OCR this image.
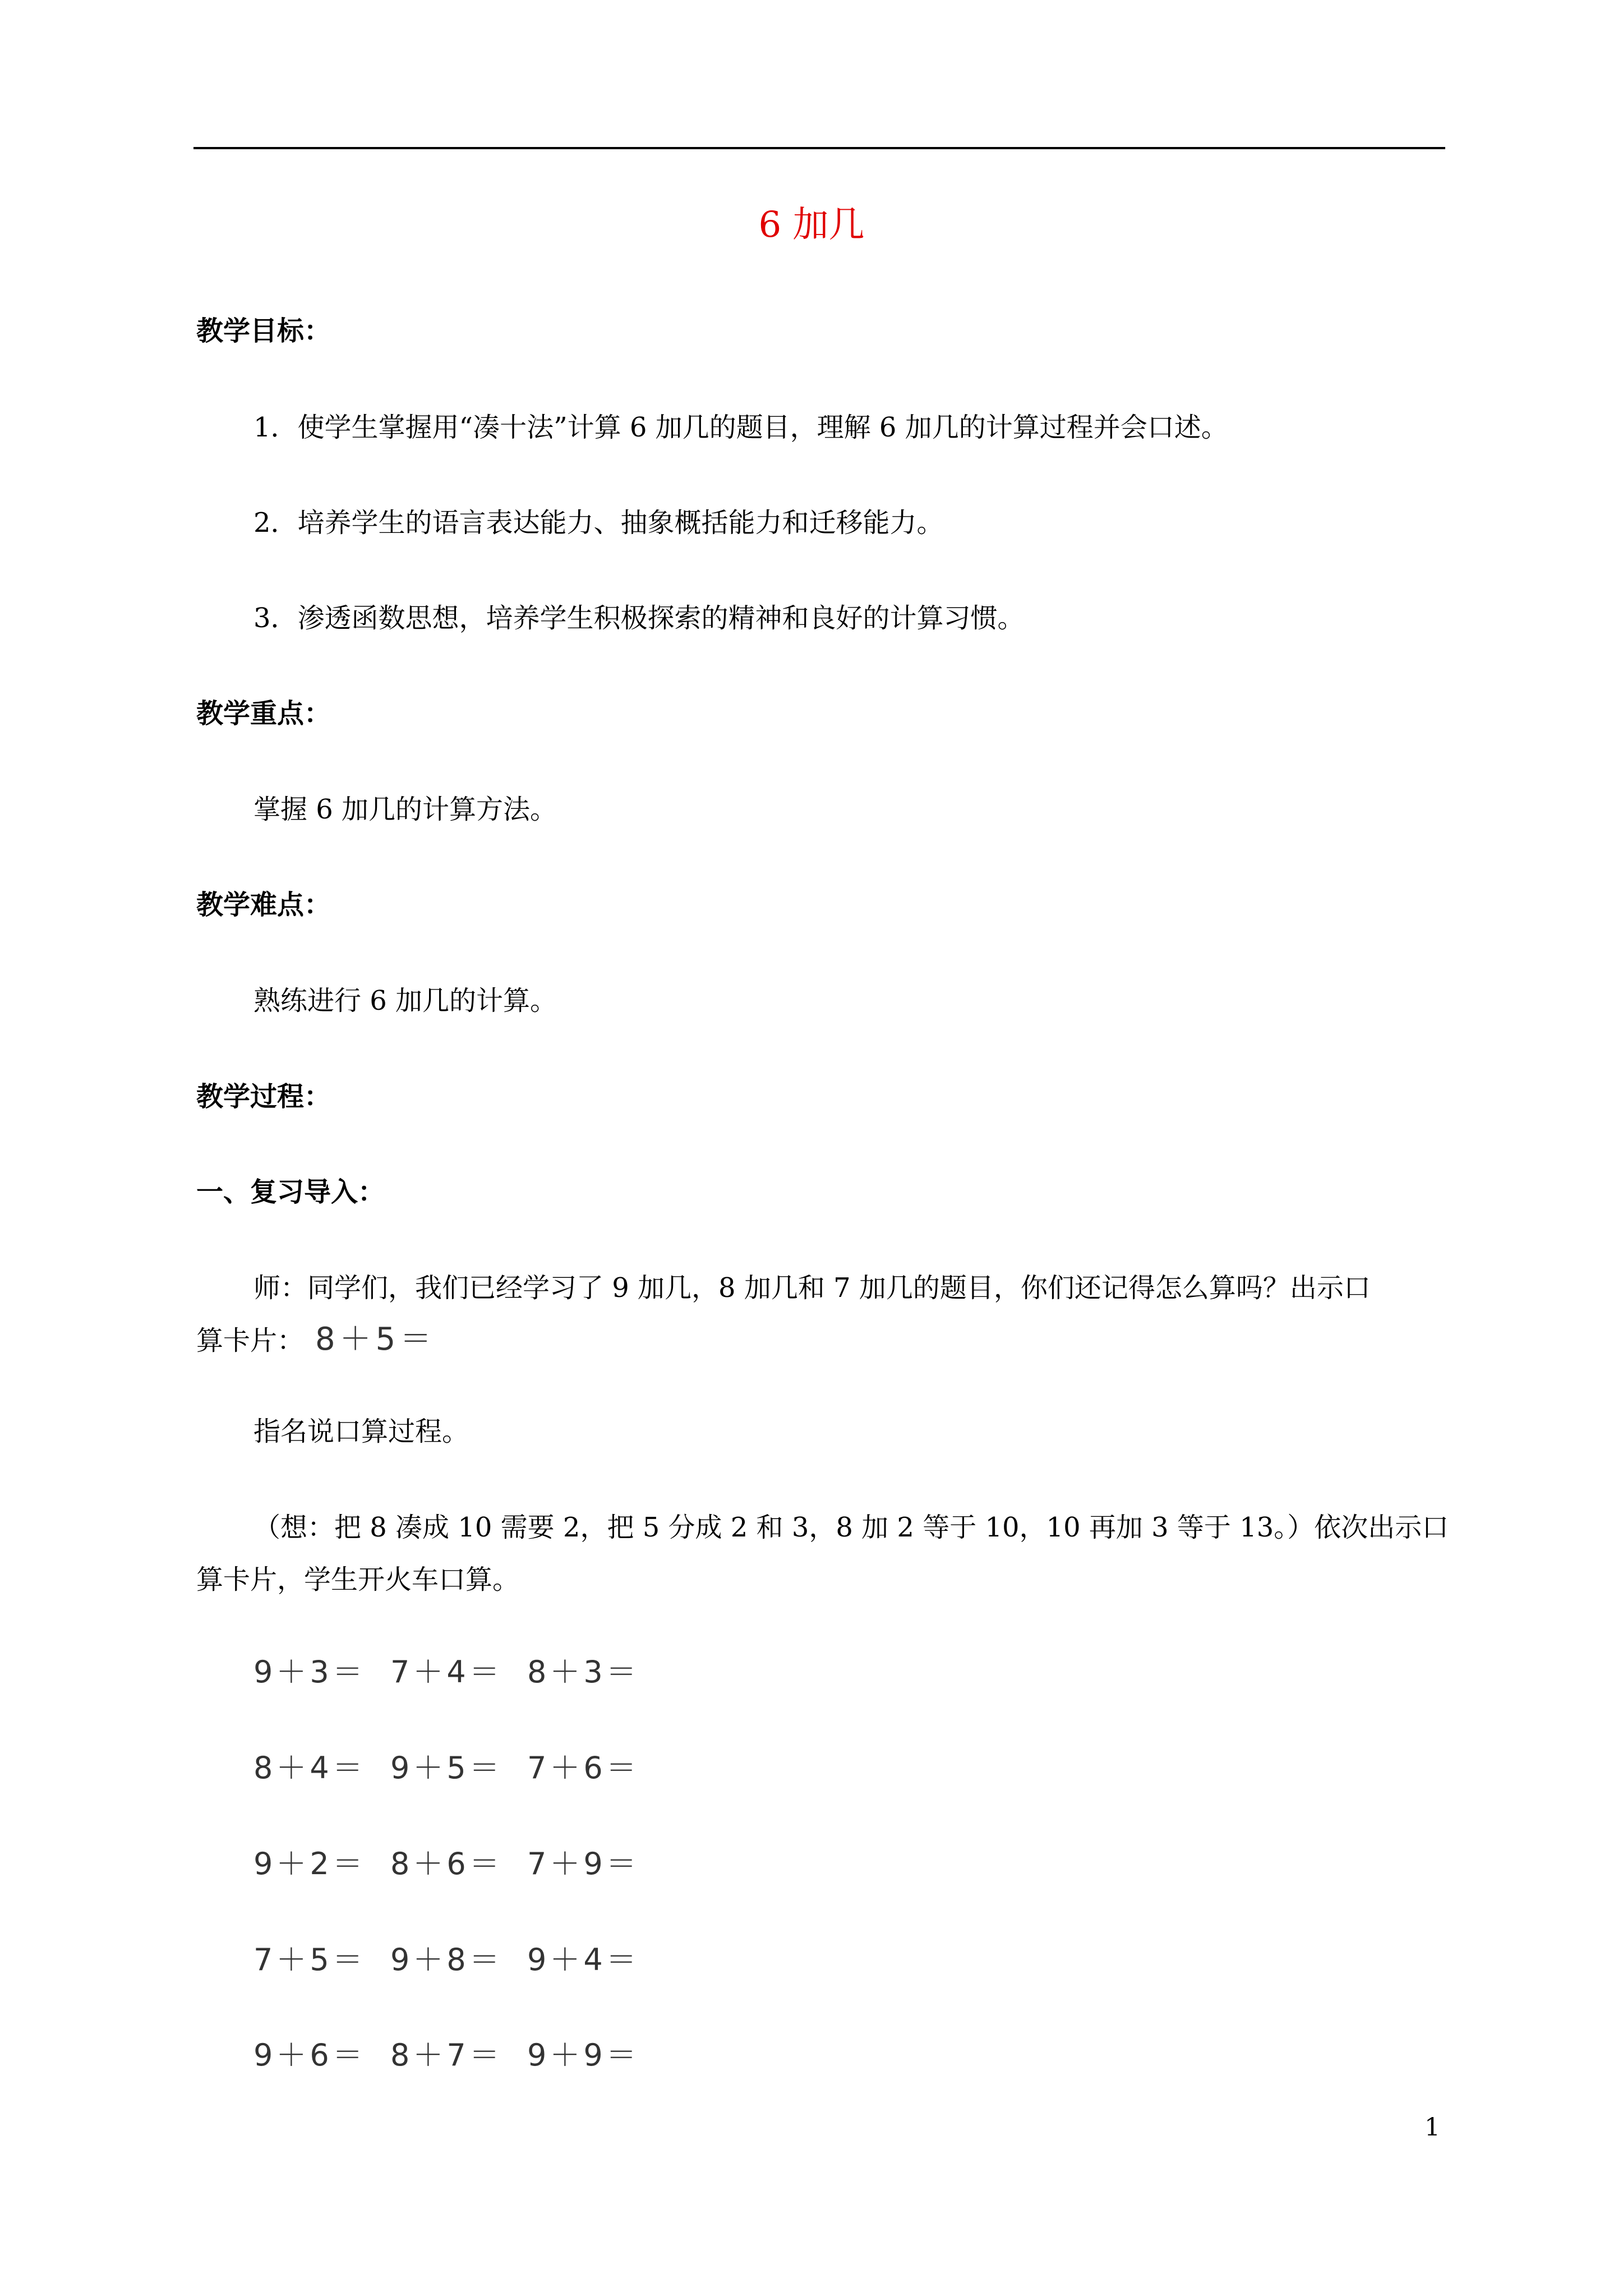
6 加几
教学目标：
1．使学生掌握用“凑十法”计算 6 加几的题目，理解 6 加几的计算过程并会口述。
2．培养学生的语言表达能力、抽象概括能力和迁移能力。
3．渗透函数思想，培养学生积极探索的精神和良好的计算习惯。
教学重点：
掌握 6 加几的计算方法。
教学难点：
熟练进行 6 加几的计算。
教学过程：
一、复习导入：
师：同学们，我们已经学习了 9 加几，8 加几和 7 加几的题目，你们还记得怎么算吗？出示口
算卡片： 8＋5＝
指名说口算过程。
（想：把 8 凑成 10 需要 2，把 5 分成 2 和 3，8 加 2 等于 10，10 再加 3 等于 13。）依次出示口
算卡片，学生开火车口算。
9＋3＝ 7＋4＝ 8＋3＝
8＋4＝ 9＋5＝ 7＋6＝
9＋2＝ 8＋6＝ 7＋9＝
7＋5＝ 9＋8＝ 9＋4＝
9＋6＝ 8＋7＝ 9＋9＝
1
